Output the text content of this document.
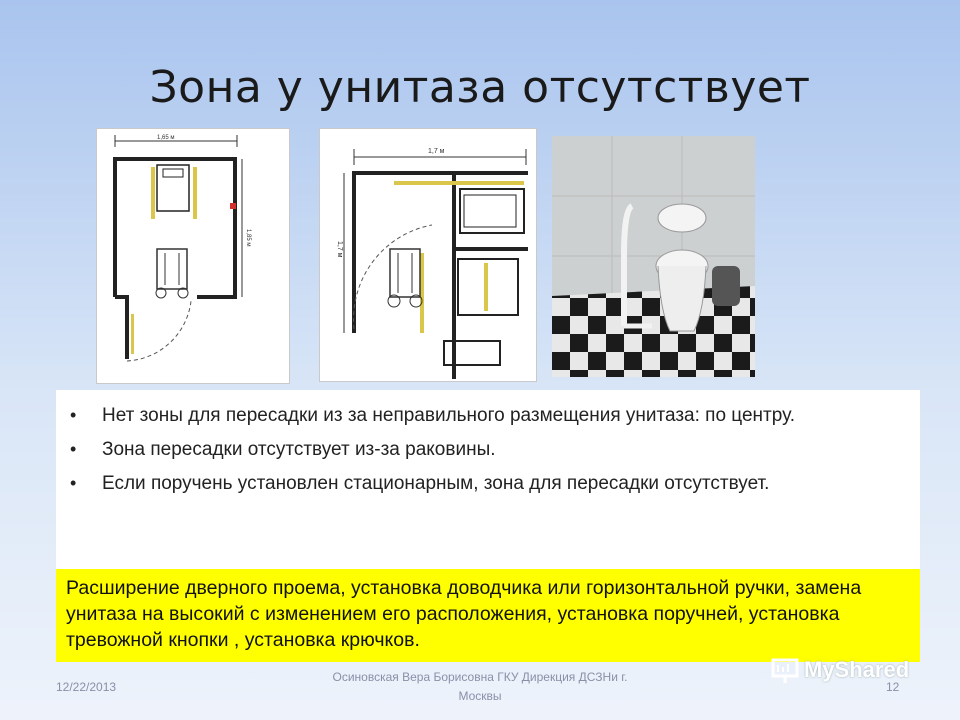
Зона у унитаза отсутствует
1,65 м
1,85 м
1,7 м
1,7 м
• Нет зоны для пересадки из за неправильного размещения унитаза: по центру.
• Зона пересадки отсутствует из-за раковины.
• Если поручень установлен стационарным, зона для пересадки отсутствует.
Расширение дверного проема, установка доводчика или горизонтальной ручки, замена унитаза на высокий с изменением его расположения, установка поручней, установка тревожной кнопки , установка крючков.
12/22/2013
Осиновская Вера Борисовна ГКУ Дирекция ДСЗНи г. Москвы
MyShared
12
